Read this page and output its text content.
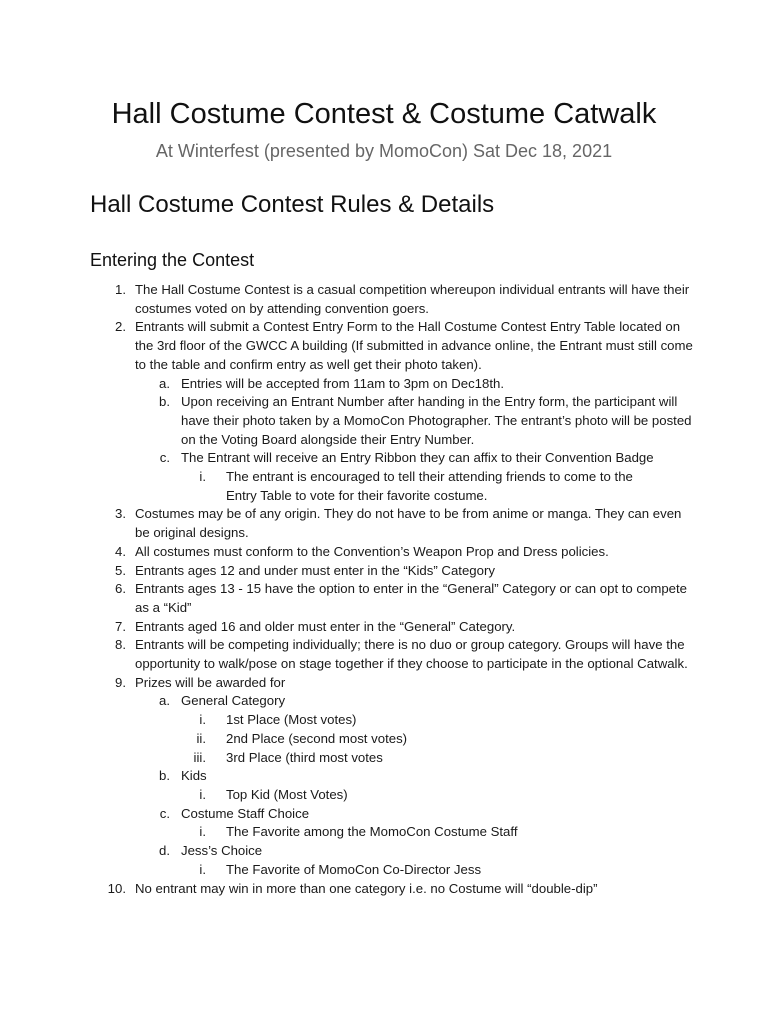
Hall Costume Contest & Costume Catwalk
At Winterfest (presented by MomoCon) Sat Dec 18, 2021
Hall Costume Contest Rules & Details
Entering the Contest
1. The Hall Costume Contest is a casual competition whereupon individual entrants will have their costumes voted on by attending convention goers.
2. Entrants will submit a Contest Entry Form to the Hall Costume Contest Entry Table located on the 3rd floor of the GWCC A building (If submitted in advance online, the Entrant must still come to the table and confirm entry as well get their photo taken).
a. Entries will be accepted from 11am to 3pm on Dec18th.
b. Upon receiving an Entrant Number after handing in the Entry form, the participant will have their photo taken by a MomoCon Photographer. The entrant’s photo will be posted on the Voting Board alongside their Entry Number.
c. The Entrant will receive an Entry Ribbon they can affix to their Convention Badge
i. The entrant is encouraged to tell their attending friends to come to the Entry Table to vote for their favorite costume.
3. Costumes may be of any origin. They do not have to be from anime or manga. They can even be original designs.
4. All costumes must conform to the Convention’s Weapon Prop and Dress policies.
5. Entrants ages 12 and under must enter in the “Kids” Category
6. Entrants ages 13 - 15 have the option to enter in the “General” Category or can opt to compete as a “Kid”
7. Entrants aged 16 and older must enter in the “General” Category.
8. Entrants will be competing individually; there is no duo or group category. Groups will have the opportunity to walk/pose on stage together if they choose to participate in the optional Catwalk.
9. Prizes will be awarded for
a. General Category
i. 1st Place (Most votes)
ii. 2nd Place (second most votes)
iii. 3rd Place (third most votes
b. Kids
i. Top Kid (Most Votes)
c. Costume Staff Choice
i. The Favorite among the MomoCon Costume Staff
d. Jess’s Choice
i. The Favorite of MomoCon Co-Director Jess
10. No entrant may win in more than one category i.e. no Costume will “double-dip”
